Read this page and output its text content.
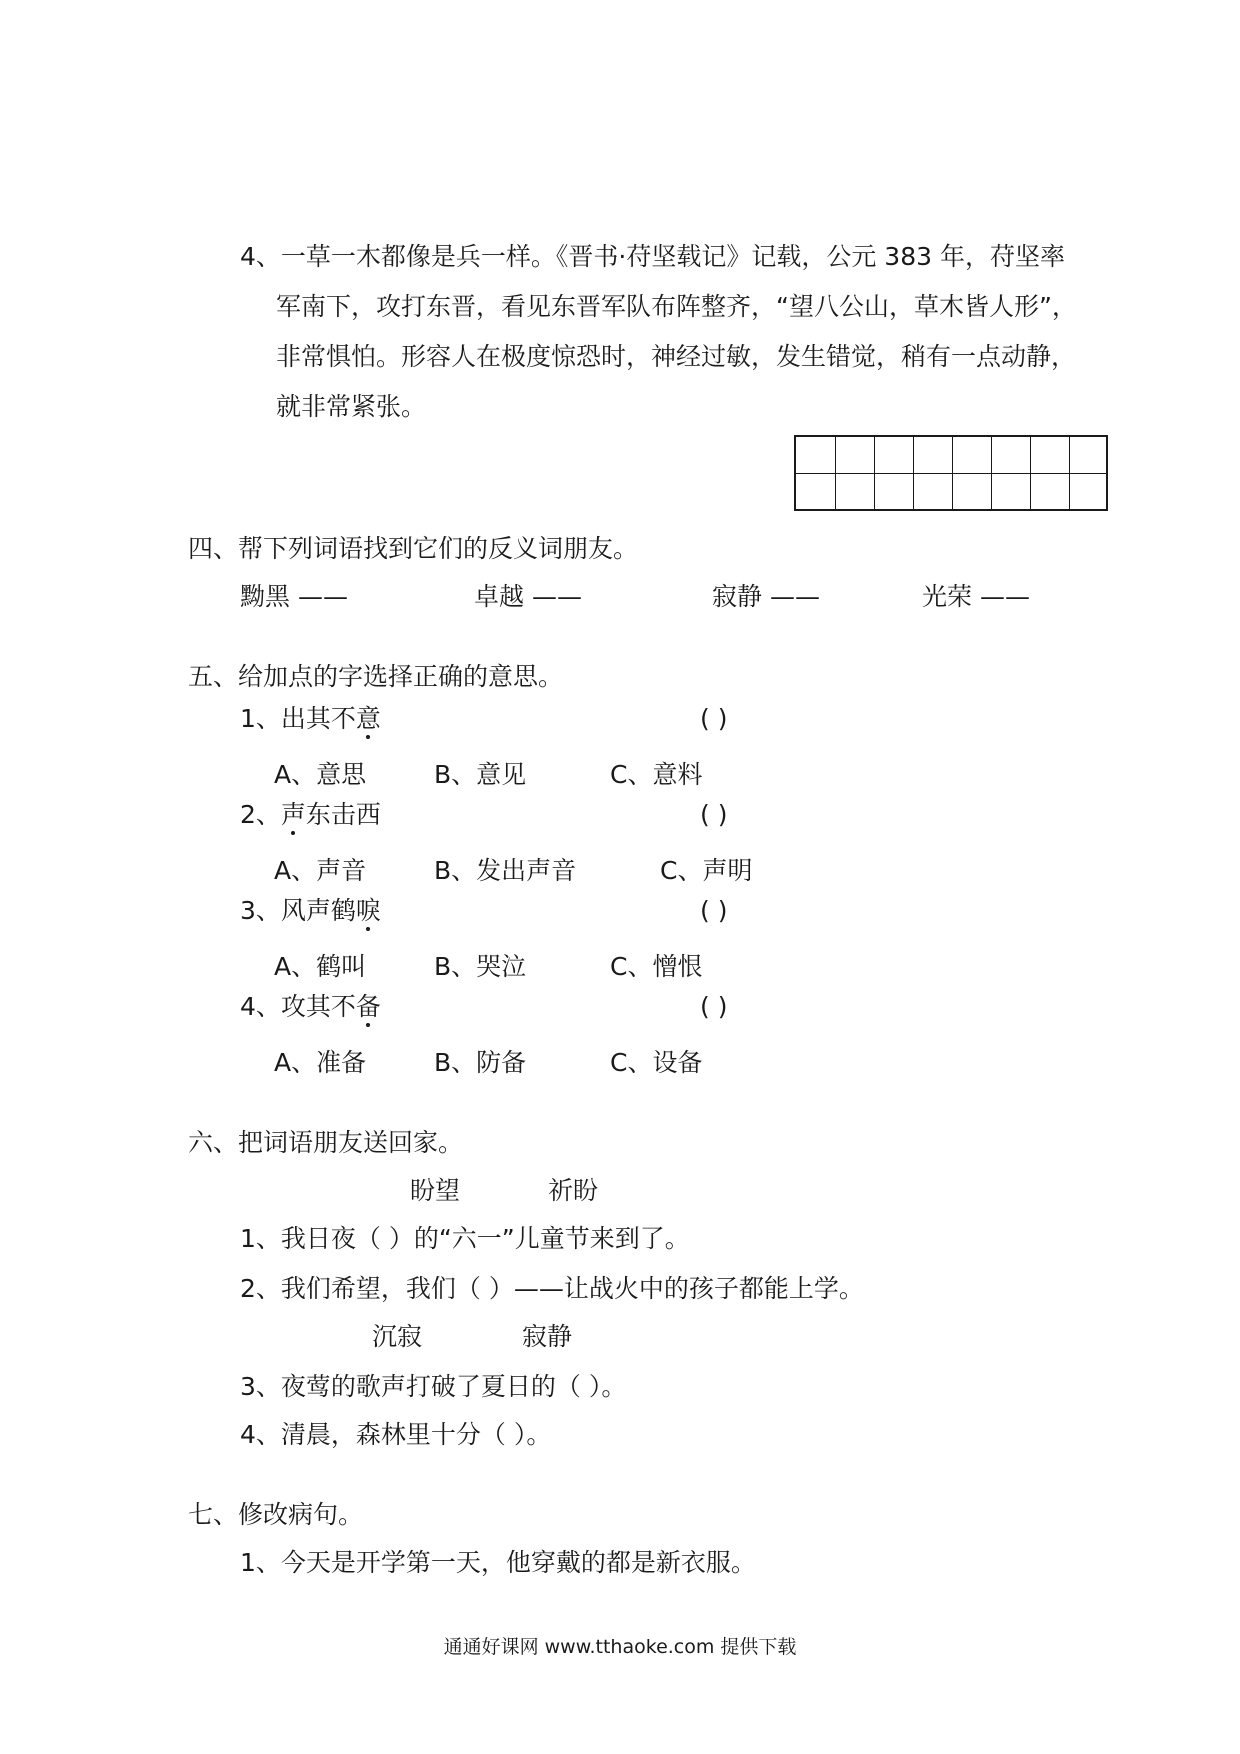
4、一草一木都像是兵一样。《晋书·苻坚载记》记载，公元 383 年，苻坚率
军南下，攻打东晋，看见东晋军队布阵整齐，“望八公山，草木皆人形”，
非常惧怕。形容人在极度惊恐时，神经过敏，发生错觉，稍有一点动静，
就非常紧张。
四、帮下列词语找到它们的反义词朋友。
黝黑 ——	卓越 ——	寂静 ——	光荣 ——
五、给加点的字选择正确的意思。
1、出其不意	( )
A、意思	B、意见	C、意料
2、声东击西	( )
A、声音	B、发出声音	C、声明
3、风声鹤唳	( )
A、鹤叫	B、哭泣	C、憎恨
4、攻其不备	( )
A、准备	B、防备	C、设备
六、把词语朋友送回家。
盼望	祈盼
1、我日夜（ ）的“六一”儿童节来到了。
2、我们希望，我们（ ）——让战火中的孩子都能上学。
沉寂	寂静
3、夜莺的歌声打破了夏日的（ ）。
4、清晨，森林里十分（ ）。
七、修改病句。
1、今天是开学第一天，他穿戴的都是新衣服。
通通好课网 www.tthaoke.com 提供下载
